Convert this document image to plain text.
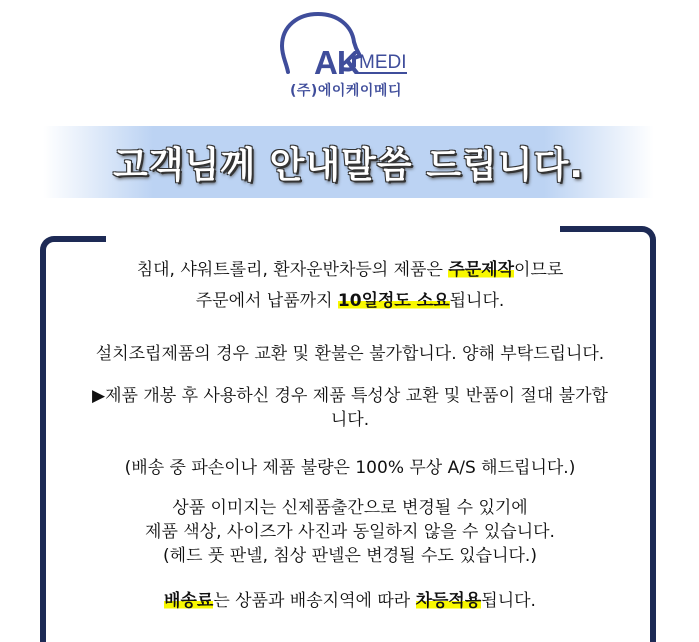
AK MEDI
(주)에이케이메디
고객님께 안내말씀 드립니다.
침대, 샤워트롤리, 환자운반차등의 제품은 주문제작이므로
주문에서 납품까지 10일정도 소요됩니다.
설치조립제품의 경우 교환 및 환불은 불가합니다. 양해 부탁드립니다.
▶제품 개봉 후 사용하신 경우 제품 특성상 교환 및 반품이 절대 불가합
니다.
(배송 중 파손이나 제품 불량은 100% 무상 A/S 해드립니다.)
상품 이미지는 신제품출간으로 변경될 수 있기에
제품 색상, 사이즈가 사진과 동일하지 않을 수 있습니다.
(헤드 풋 판넬, 침상 판넬은 변경될 수도 있습니다.)
배송료는 상품과 배송지역에 따라 차등적용됩니다.
